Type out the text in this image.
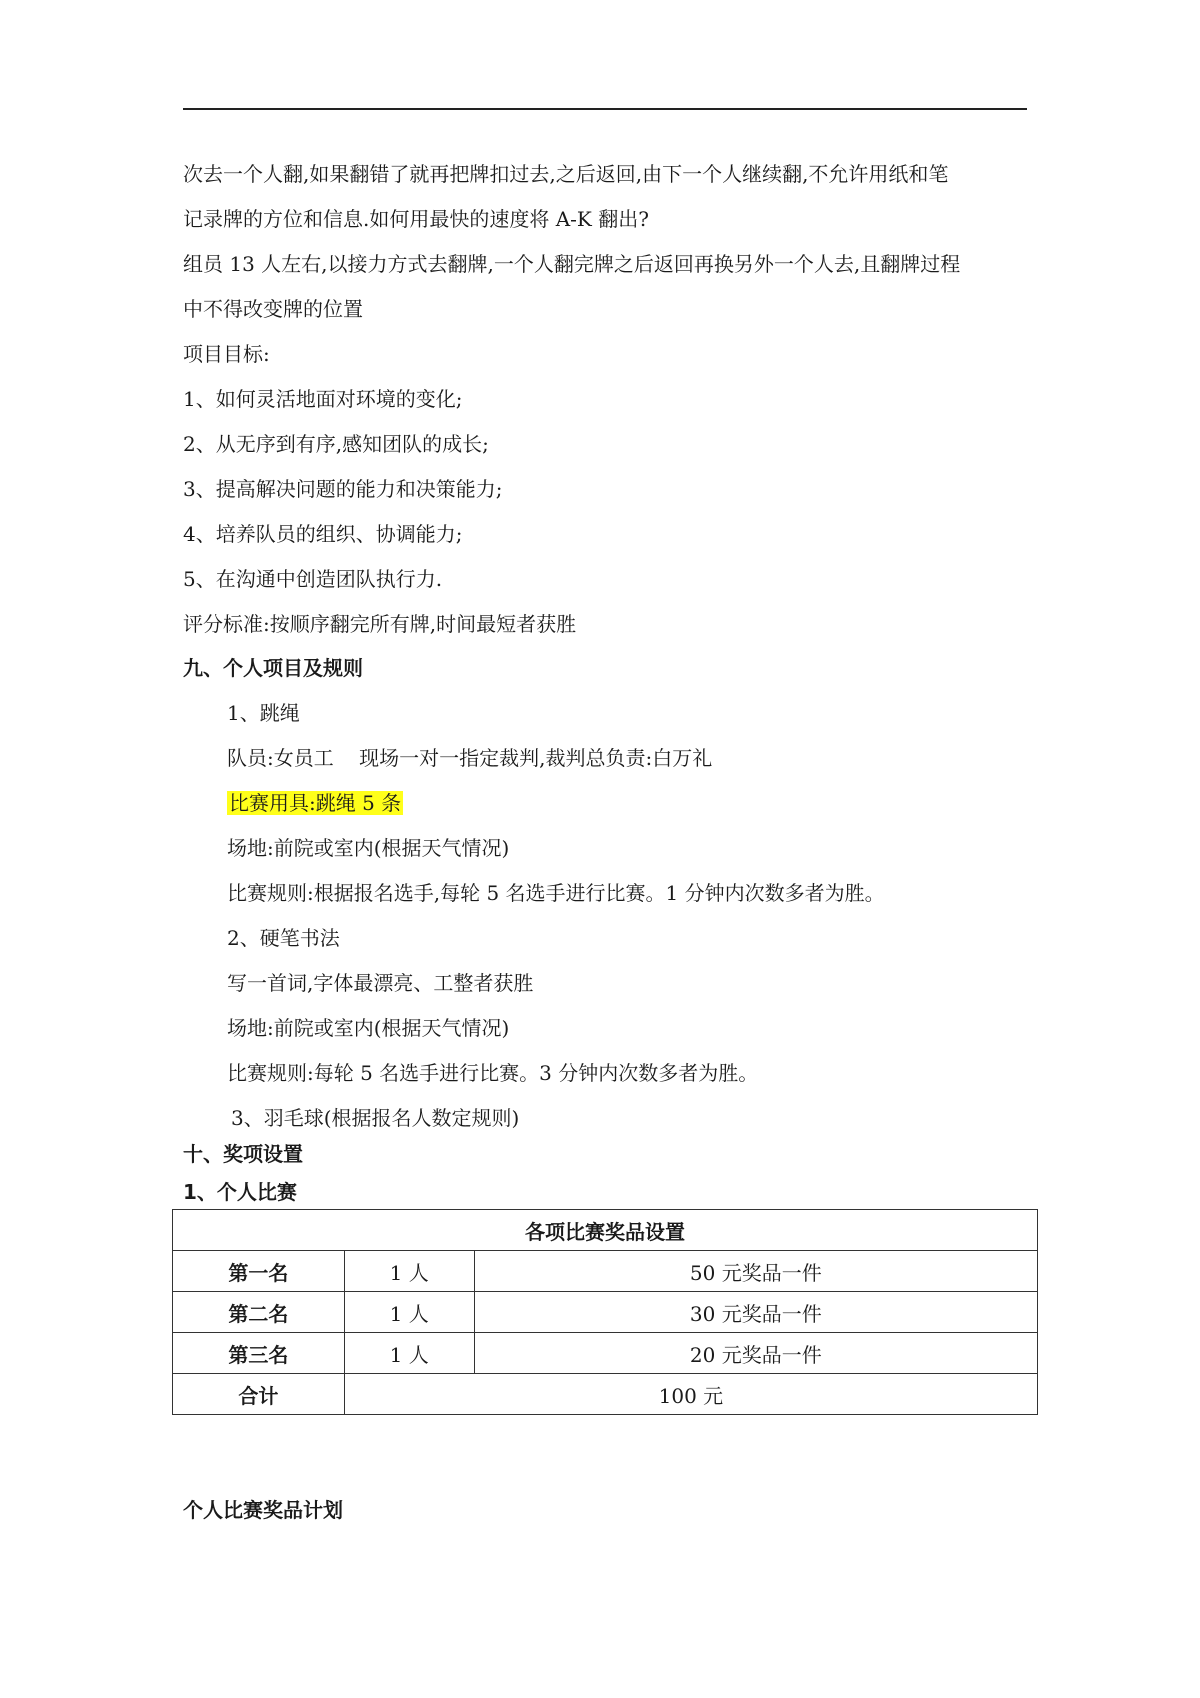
次去一个人翻,如果翻错了就再把牌扣过去,之后返回,由下一个人继续翻,不允许用纸和笔
记录牌的方位和信息.如何用最快的速度将 A-K 翻出?
组员 13 人左右,以接力方式去翻牌,一个人翻完牌之后返回再换另外一个人去,且翻牌过程
中不得改变牌的位置
项目目标:
1、如何灵活地面对环境的变化;
2、从无序到有序,感知团队的成长;
3、提高解决问题的能力和决策能力;
4、培养队员的组织、协调能力;
5、在沟通中创造团队执行力.
评分标准:按顺序翻完所有牌,时间最短者获胜
九、个人项目及规则
1、跳绳
队员:女员工    现场一对一指定裁判,裁判总负责:白万礼
比赛用具:跳绳 5 条
场地:前院或室内(根据天气情况)
比赛规则:根据报名选手,每轮 5 名选手进行比赛。1 分钟内次数多者为胜。
2、硬笔书法
写一首词,字体最漂亮、工整者获胜
场地:前院或室内(根据天气情况)
比赛规则:每轮 5 名选手进行比赛。3 分钟内次数多者为胜。
3、羽毛球(根据报名人数定规则)
十、奖项设置
1、个人比赛
各项比赛奖品设置		
第一名	1 人	50 元奖品一件
第二名	1 人	30 元奖品一件
第三名	1 人	20 元奖品一件
合计	100 元	
个人比赛奖品计划
